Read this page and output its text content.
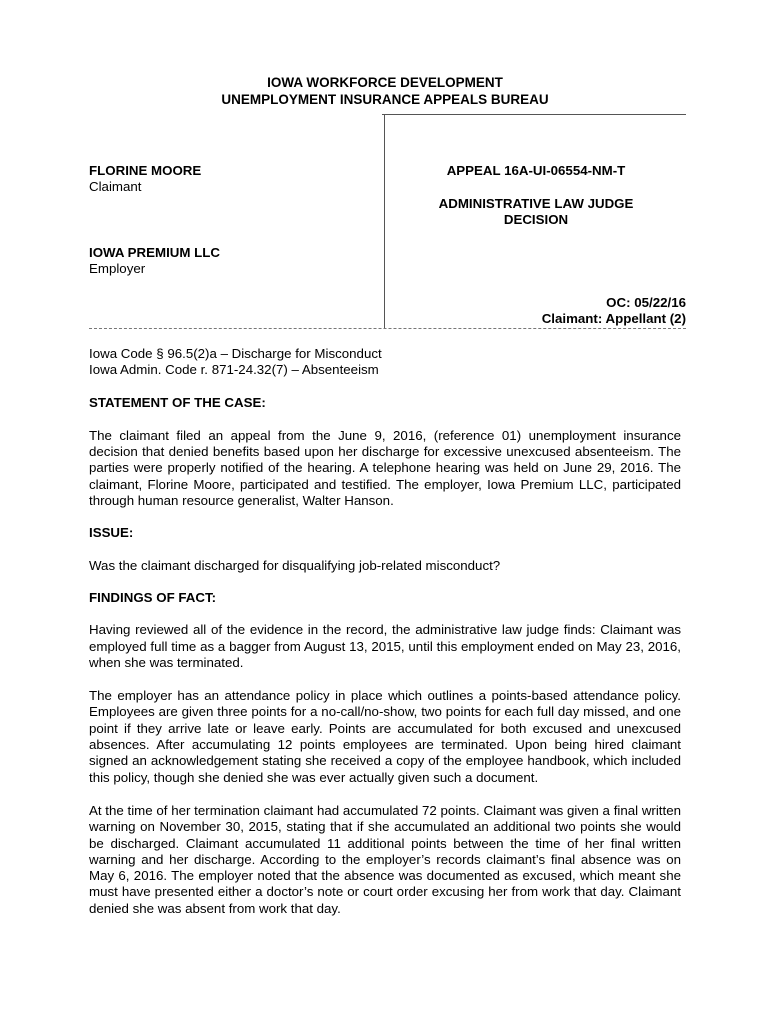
IOWA WORKFORCE DEVELOPMENT
UNEMPLOYMENT INSURANCE APPEALS BUREAU
FLORINE MOORE
Claimant
IOWA PREMIUM LLC
Employer
APPEAL 16A-UI-06554-NM-T
ADMINISTRATIVE LAW JUDGE
DECISION
OC: 05/22/16
Claimant: Appellant (2)
Iowa Code § 96.5(2)a – Discharge for Misconduct
Iowa Admin. Code r. 871-24.32(7) – Absenteeism
STATEMENT OF THE CASE:

The claimant filed an appeal from the June 9, 2016, (reference 01) unemployment insurance decision that denied benefits based upon her discharge for excessive unexcused absenteeism. The parties were properly notified of the hearing. A telephone hearing was held on June 29, 2016. The claimant, Florine Moore, participated and testified. The employer, Iowa Premium LLC, participated through human resource generalist, Walter Hanson.

ISSUE:

Was the claimant discharged for disqualifying job-related misconduct?

FINDINGS OF FACT:

Having reviewed all of the evidence in the record, the administrative law judge finds: Claimant was employed full time as a bagger from August 13, 2015, until this employment ended on May 23, 2016, when she was terminated.

The employer has an attendance policy in place which outlines a points-based attendance policy. Employees are given three points for a no-call/no-show, two points for each full day missed, and one point if they arrive late or leave early. Points are accumulated for both excused and unexcused absences. After accumulating 12 points employees are terminated. Upon being hired claimant signed an acknowledgement stating she received a copy of the employee handbook, which included this policy, though she denied she was ever actually given such a document.

At the time of her termination claimant had accumulated 72 points. Claimant was given a final written warning on November 30, 2015, stating that if she accumulated an additional two points she would be discharged. Claimant accumulated 11 additional points between the time of her final written warning and her discharge. According to the employer’s records claimant’s final absence was on May 6, 2016. The employer noted that the absence was documented as excused, which meant she must have presented either a doctor’s note or court order excusing her from work that day. Claimant denied she was absent from work that day.
